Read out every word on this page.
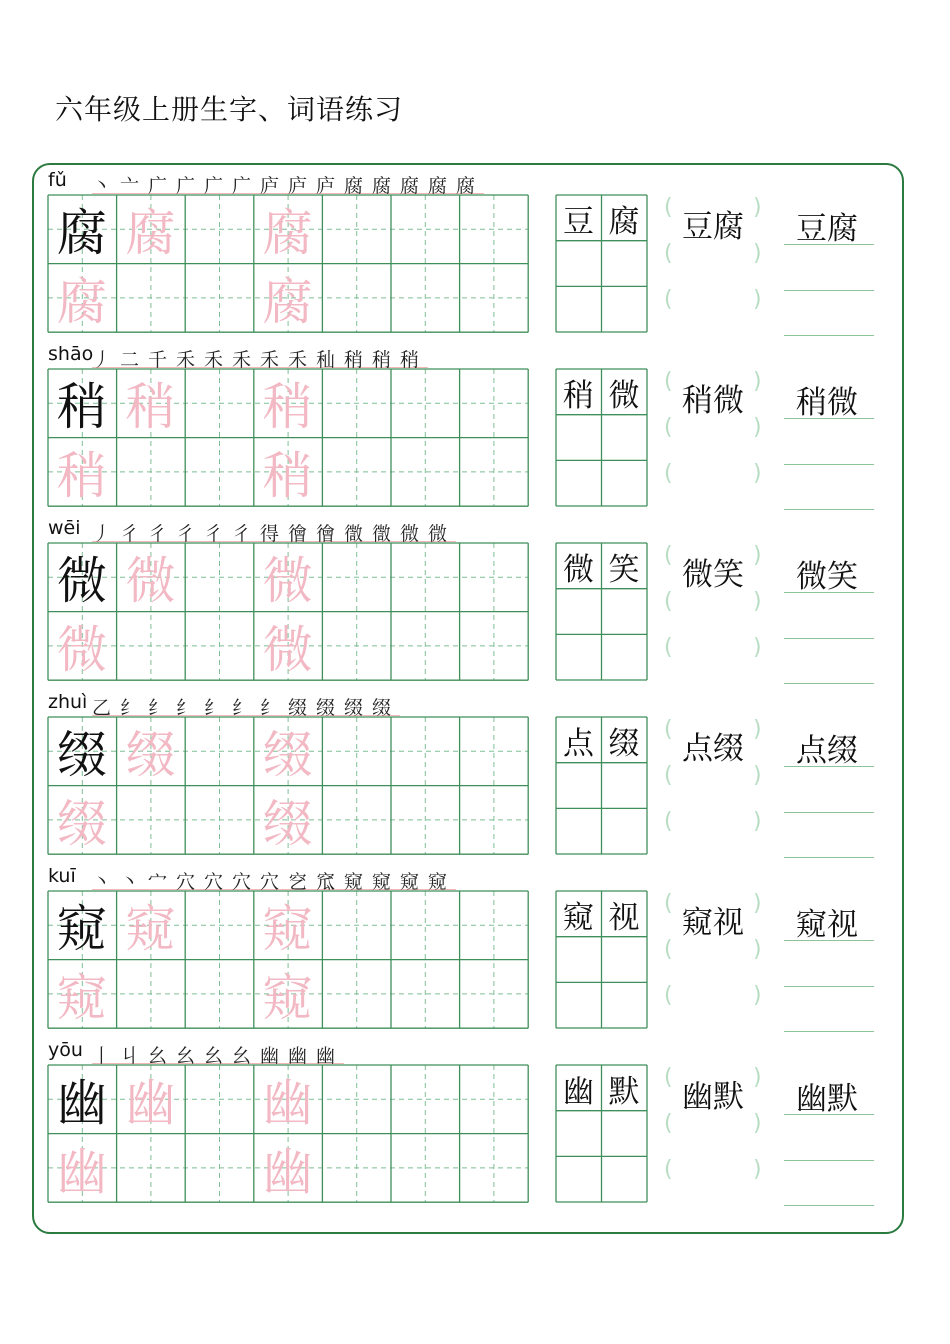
六年级上册生字、词语练习
fǔ 丶 亠 广 广 广 广 庐 庐 庐 腐 腐 腐 腐 腐
腐 腐
腐
腐
腐
豆 腐 豆腐
(	)
(	)
(	)
豆腐
shāo
丿 二 千 禾 禾 禾 禾 禾 秈 稍 稍 稍
稍 稍
稍
稍
稍
稍 微 稍微
(	)
(	)
(	)
稍微
wēi 丿 彳 彳 彳 彳 彳 得 徻 徻 徾 徾 微 微
微 微
微
微
微
微 笑 微笑
(	)
(	)
(	)
微笑
zhuì 乙 纟 纟 纟 纟 纟 纟 缀 缀 缀 缀
缀 缀
缀
缀
缀
点 缀 点缀
(	)
(	)
(	)
点缀
kuī 丶 丶 宀 穴 穴 穴 穴 穵 窊 窥 窥 窥 窥
窥 窥
窥
窥
窥
窥 视 窥视
(	)
(	)
(	)
窥视
yōu 丨 丩 幺 幺 幺 幺 幽 幽 幽
幽 幽
幽
幽
幽
幽 默 幽默
(	)
(	)
(	)
幽默
